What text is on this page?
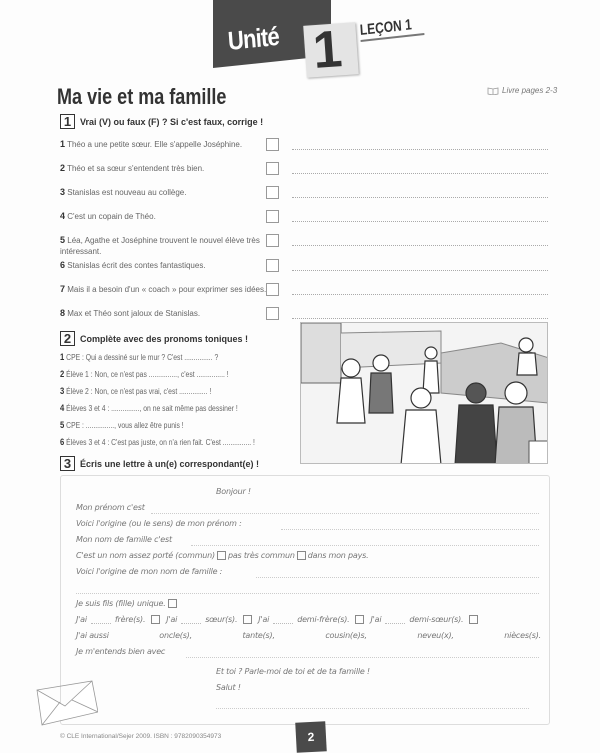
Unité 1 LEÇON 1
Ma vie et ma famille	Livre pages 2-3
1 Vrai (V) ou faux (F) ? Si c'est faux, corrige !
1 Théo a une petite sœur. Elle s'appelle Joséphine.
2 Théo et sa sœur s'entendent très bien.
3 Stanislas est nouveau au collège.
4 C'est un copain de Théo.
5 Léa, Agathe et Joséphine trouvent le nouvel élève très intéressant.
6 Stanislas écrit des contes fantastiques.
7 Mais il a besoin d'un « coach » pour exprimer ses idées.
8 Max et Théo sont jaloux de Stanislas.
2 Complète avec des pronoms toniques !
1 CPE : Qui a dessiné sur le mur ? C'est ............... ?
2 Élève 1 : Non, ce n'est pas ..............., c'est ............... !
3 Élève 2 : Non, ce n'est pas vrai, c'est ............... !
4 Élèves 3 et 4 : ..............., on ne sait même pas dessiner !
5 CPE : ..............., vous allez être punis !
6 Élèves 3 et 4 : C'est pas juste, on n'a rien fait. C'est ............... !
3 Écris une lettre à un(e) correspondant(e) !
Bonjour !
Mon prénom c'est
Voici l'origine (ou le sens) de mon prénom :
Mon nom de famille c'est
C'est un nom assez porté (commun) pas très commun dans mon pays.
Voici l'origine de mon nom de famille :
Je suis fils (fille) unique.
J'ai	frère(s).	J'ai	sœur(s).	J'ai	demi-frère(s).	J'ai	demi-sœur(s).
J'ai aussi	oncle(s),	tante(s),	cousin(e)s,	neveu(x),	nièces(s).
Je m'entends bien avec
Et toi ? Parle-moi de toi et de ta famille !
Salut !
© CLE International/Sejer 2009. ISBN : 9782090354973	2
